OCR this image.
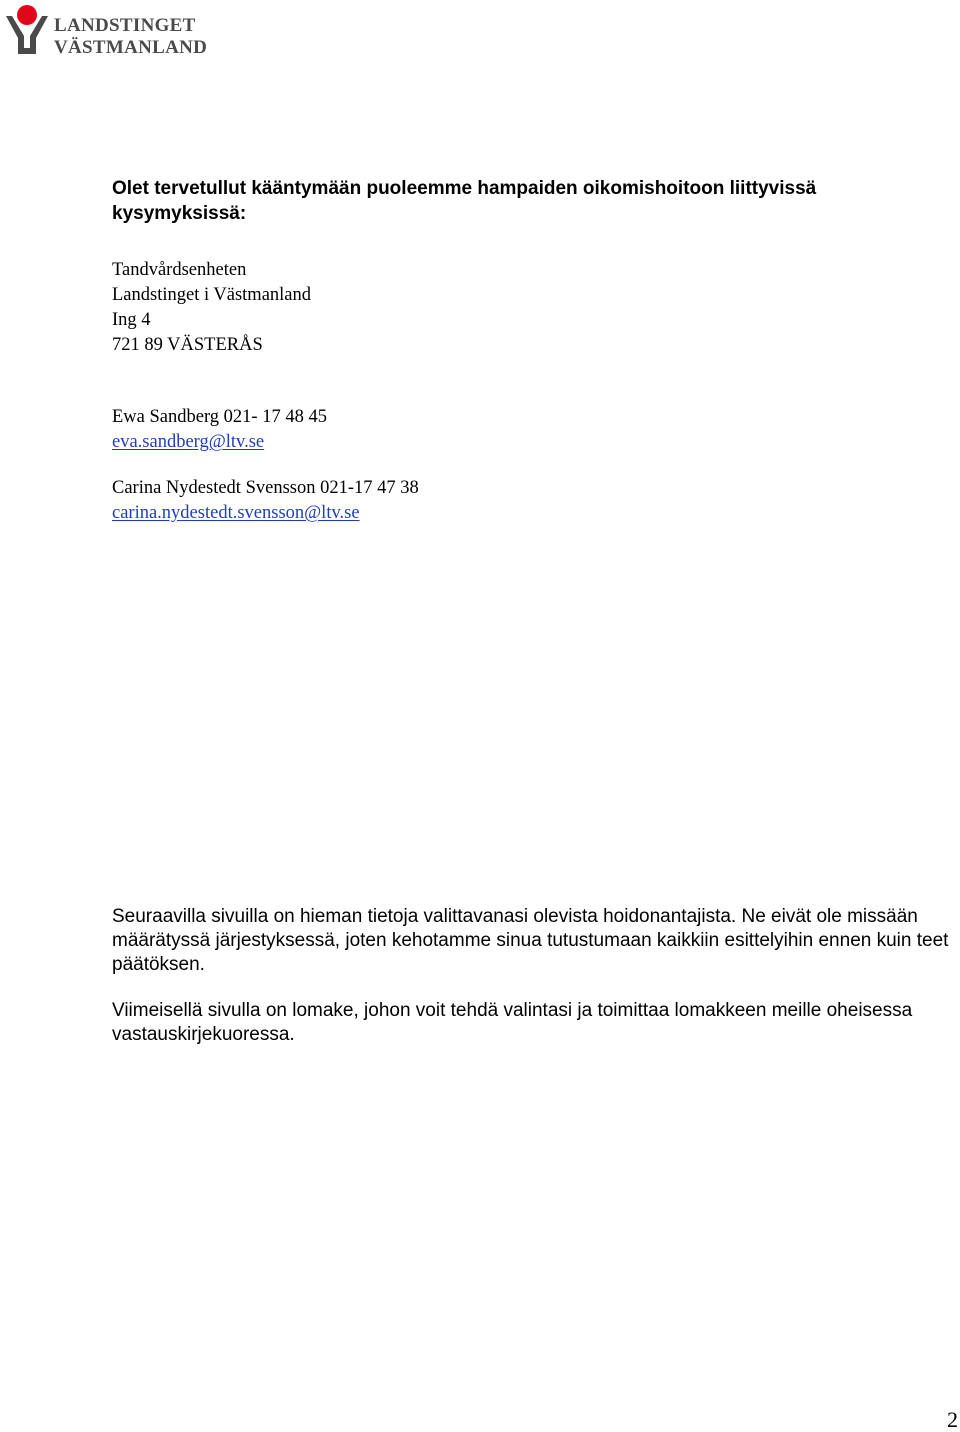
LANDSTINGET
VÄSTMANLAND
Olet tervetullut kääntymään puoleemme hampaiden oikomishoitoon liittyvissä kysymyksissä:
Tandvårdsenheten
Landstinget i Västmanland
Ing 4
721 89 VÄSTERÅS
Ewa Sandberg 021- 17 48 45
eva.sandberg@ltv.se
Carina Nydestedt Svensson 021-17 47 38
carina.nydestedt.svensson@ltv.se

Seuraavilla sivuilla on hieman tietoja valittavanasi olevista hoidonantajista. Ne eivät ole missään määrätyssä järjestyksessä, joten kehotamme sinua tutustumaan kaikkiin esittelyihin ennen kuin teet päätöksen.

Viimeisellä sivulla on lomake, johon voit tehdä valintasi ja toimittaa lomakkeen meille oheisessa vastauskirjekuoressa.

2
